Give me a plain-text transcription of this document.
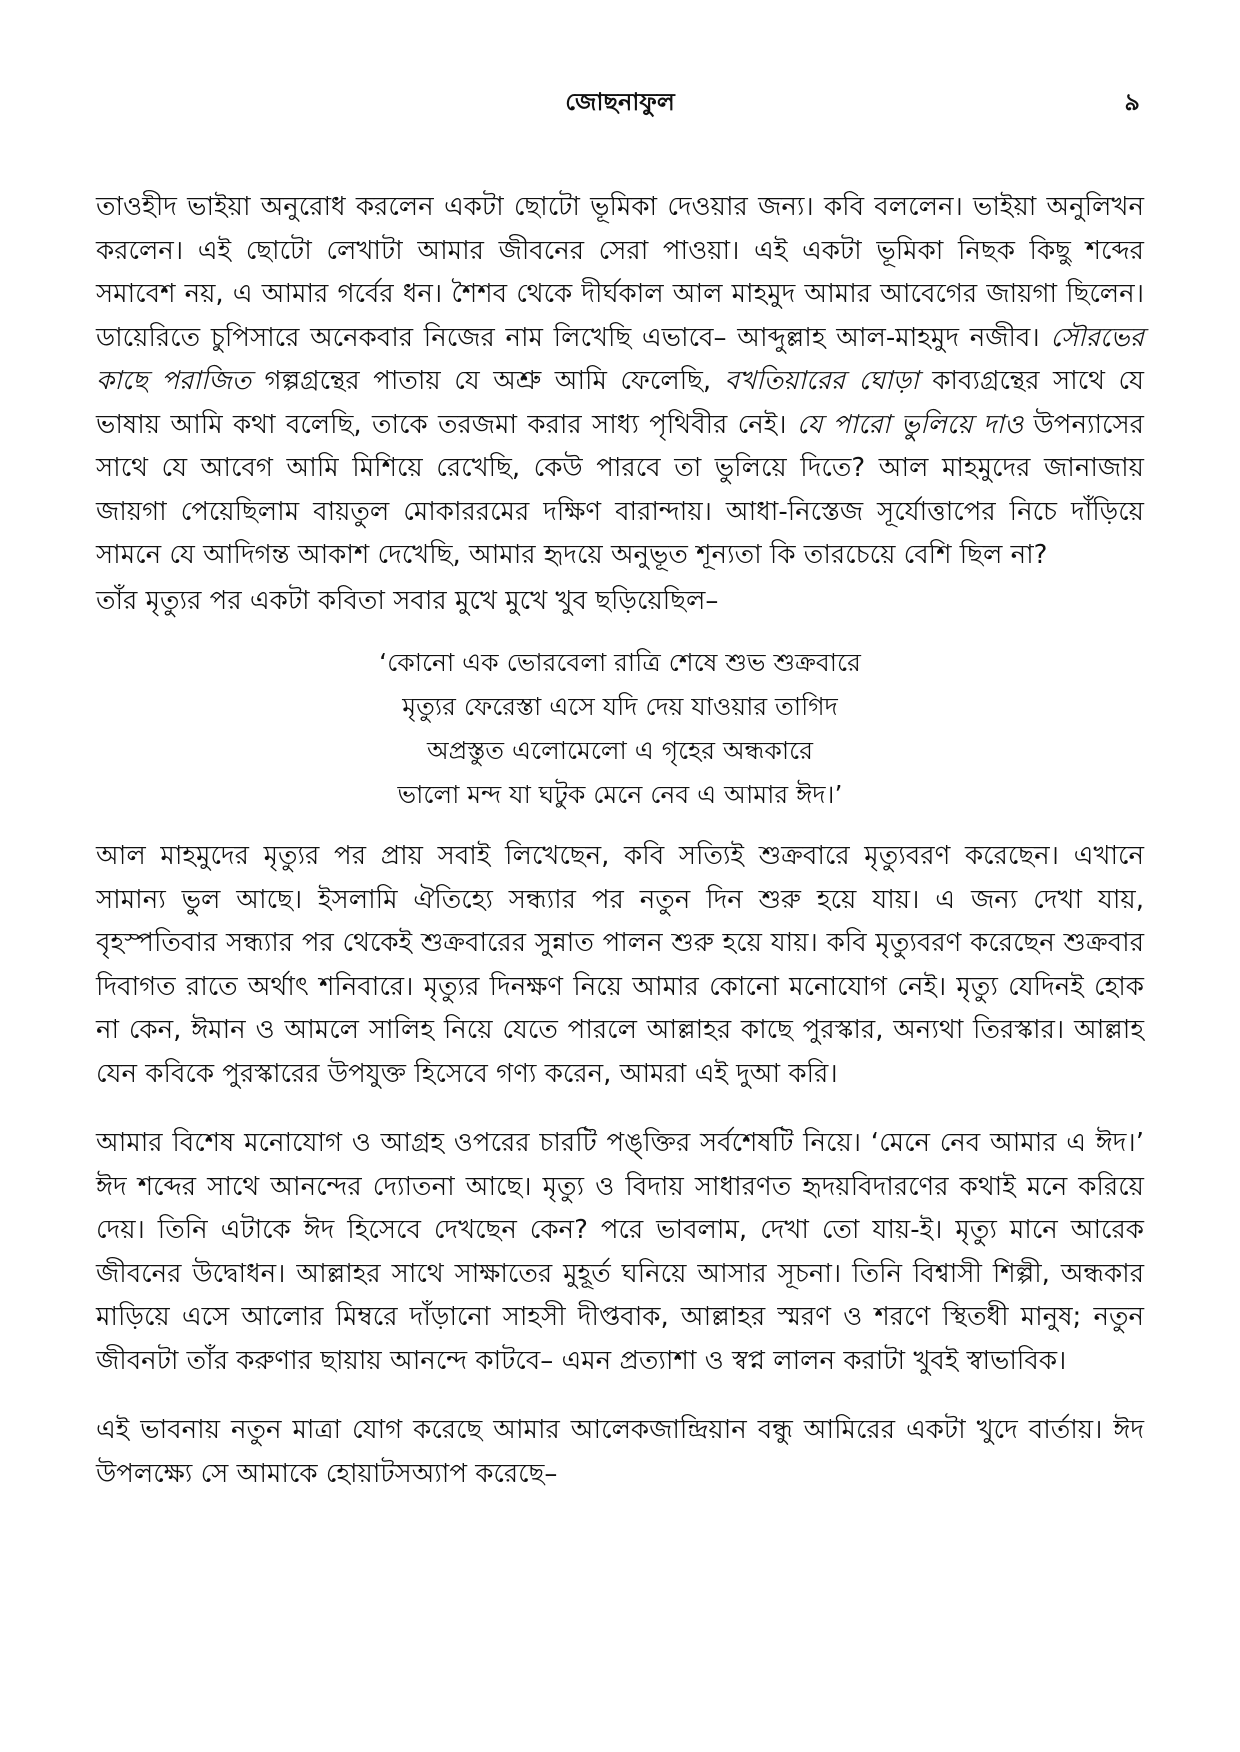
জোছনাফুল	৯

তাওহীদ ভাইয়া অনুরোধ করলেন একটা ছোটো ভূমিকা দেওয়ার জন্য। কবি বললেন। ভাইয়া অনুলিখন করলেন। এই ছোটো লেখাটা আমার জীবনের সেরা পাওয়া। এই একটা ভূমিকা নিছক কিছু শব্দের সমাবেশ নয়, এ আমার গর্বের ধন। শৈশব থেকে দীর্ঘকাল আল মাহমুদ আমার আবেগের জায়গা ছিলেন। ডায়েরিতে চুপিসারে অনেকবার নিজের নাম লিখেছি এভাবে– আব্দুল্লাহ আল-মাহমুদ নজীব। সৌরভের কাছে পরাজিত গল্পগ্রন্থের পাতায় যে অশ্রু আমি ফেলেছি, বখতিয়ারের ঘোড়া কাব্যগ্রন্থের সাথে যে ভাষায় আমি কথা বলেছি, তাকে তরজমা করার সাধ্য পৃথিবীর নেই। যে পারো ভুলিয়ে দাও উপন্যাসের সাথে যে আবেগ আমি মিশিয়ে রেখেছি, কেউ পারবে তা ভুলিয়ে দিতে? আল মাহমুদের জানাজায় জায়গা পেয়েছিলাম বায়তুল মোকাররমের দক্ষিণ বারান্দায়। আধা-নিস্তেজ সূর্যোত্তাপের নিচে দাঁড়িয়ে সামনে যে আদিগন্ত আকাশ দেখেছি, আমার হৃদয়ে অনুভূত শূন্যতা কি তারচেয়ে বেশি ছিল না?

তাঁর মৃত্যুর পর একটা কবিতা সবার মুখে মুখে খুব ছড়িয়েছিল–

‘কোনো এক ভোরবেলা রাত্রি শেষে শুভ শুক্রবারে
মৃত্যুর ফেরেস্তা এসে যদি দেয় যাওয়ার তাগিদ
অপ্রস্তুত এলোমেলো এ গৃহের অন্ধকারে
ভালো মন্দ যা ঘটুক মেনে নেব এ আমার ঈদ।’

আল মাহমুদের মৃত্যুর পর প্রায় সবাই লিখেছেন, কবি সত্যিই শুক্রবারে মৃত্যুবরণ করেছেন। এখানে সামান্য ভুল আছে। ইসলামি ঐতিহ্যে সন্ধ্যার পর নতুন দিন শুরু হয়ে যায়। এ জন্য দেখা যায়, বৃহস্পতিবার সন্ধ্যার পর থেকেই শুক্রবারের সুন্নাত পালন শুরু হয়ে যায়। কবি মৃত্যুবরণ করেছেন শুক্রবার দিবাগত রাতে অর্থাৎ শনিবারে। মৃত্যুর দিনক্ষণ নিয়ে আমার কোনো মনোযোগ নেই। মৃত্যু যেদিনই হোক না কেন, ঈমান ও আমলে সালিহ নিয়ে যেতে পারলে আল্লাহর কাছে পুরস্কার, অন্যথা তিরস্কার। আল্লাহ যেন কবিকে পুরস্কারের উপযুক্ত হিসেবে গণ্য করেন, আমরা এই দুআ করি।

আমার বিশেষ মনোযোগ ও আগ্রহ ওপরের চারটি পঙ্‌ক্তির সর্বশেষটি নিয়ে। ‘মেনে নেব আমার এ ঈদ।’ ঈদ শব্দের সাথে আনন্দের দ্যোতনা আছে। মৃত্যু ও বিদায় সাধারণত হৃদয়বিদারণের কথাই মনে করিয়ে দেয়। তিনি এটাকে ঈদ হিসেবে দেখছেন কেন? পরে ভাবলাম, দেখা তো যায়-ই। মৃত্যু মানে আরেক জীবনের উদ্বোধন। আল্লাহর সাথে সাক্ষাতের মুহূর্ত ঘনিয়ে আসার সূচনা। তিনি বিশ্বাসী শিল্পী, অন্ধকার মাড়িয়ে এসে আলোর মিম্বরে দাঁড়ানো সাহসী দীপ্তবাক, আল্লাহর স্মরণ ও শরণে স্থিতধী মানুষ; নতুন জীবনটা তাঁর করুণার ছায়ায় আনন্দে কাটবে– এমন প্রত্যাশা ও স্বপ্ন লালন করাটা খুবই স্বাভাবিক।

এই ভাবনায় নতুন মাত্রা যোগ করেছে আমার আলেকজান্দ্রিয়ান বন্ধু আমিরের একটা খুদে বার্তায়। ঈদ উপলক্ষ্যে সে আমাকে হোয়াটসঅ্যাপ করেছে–
